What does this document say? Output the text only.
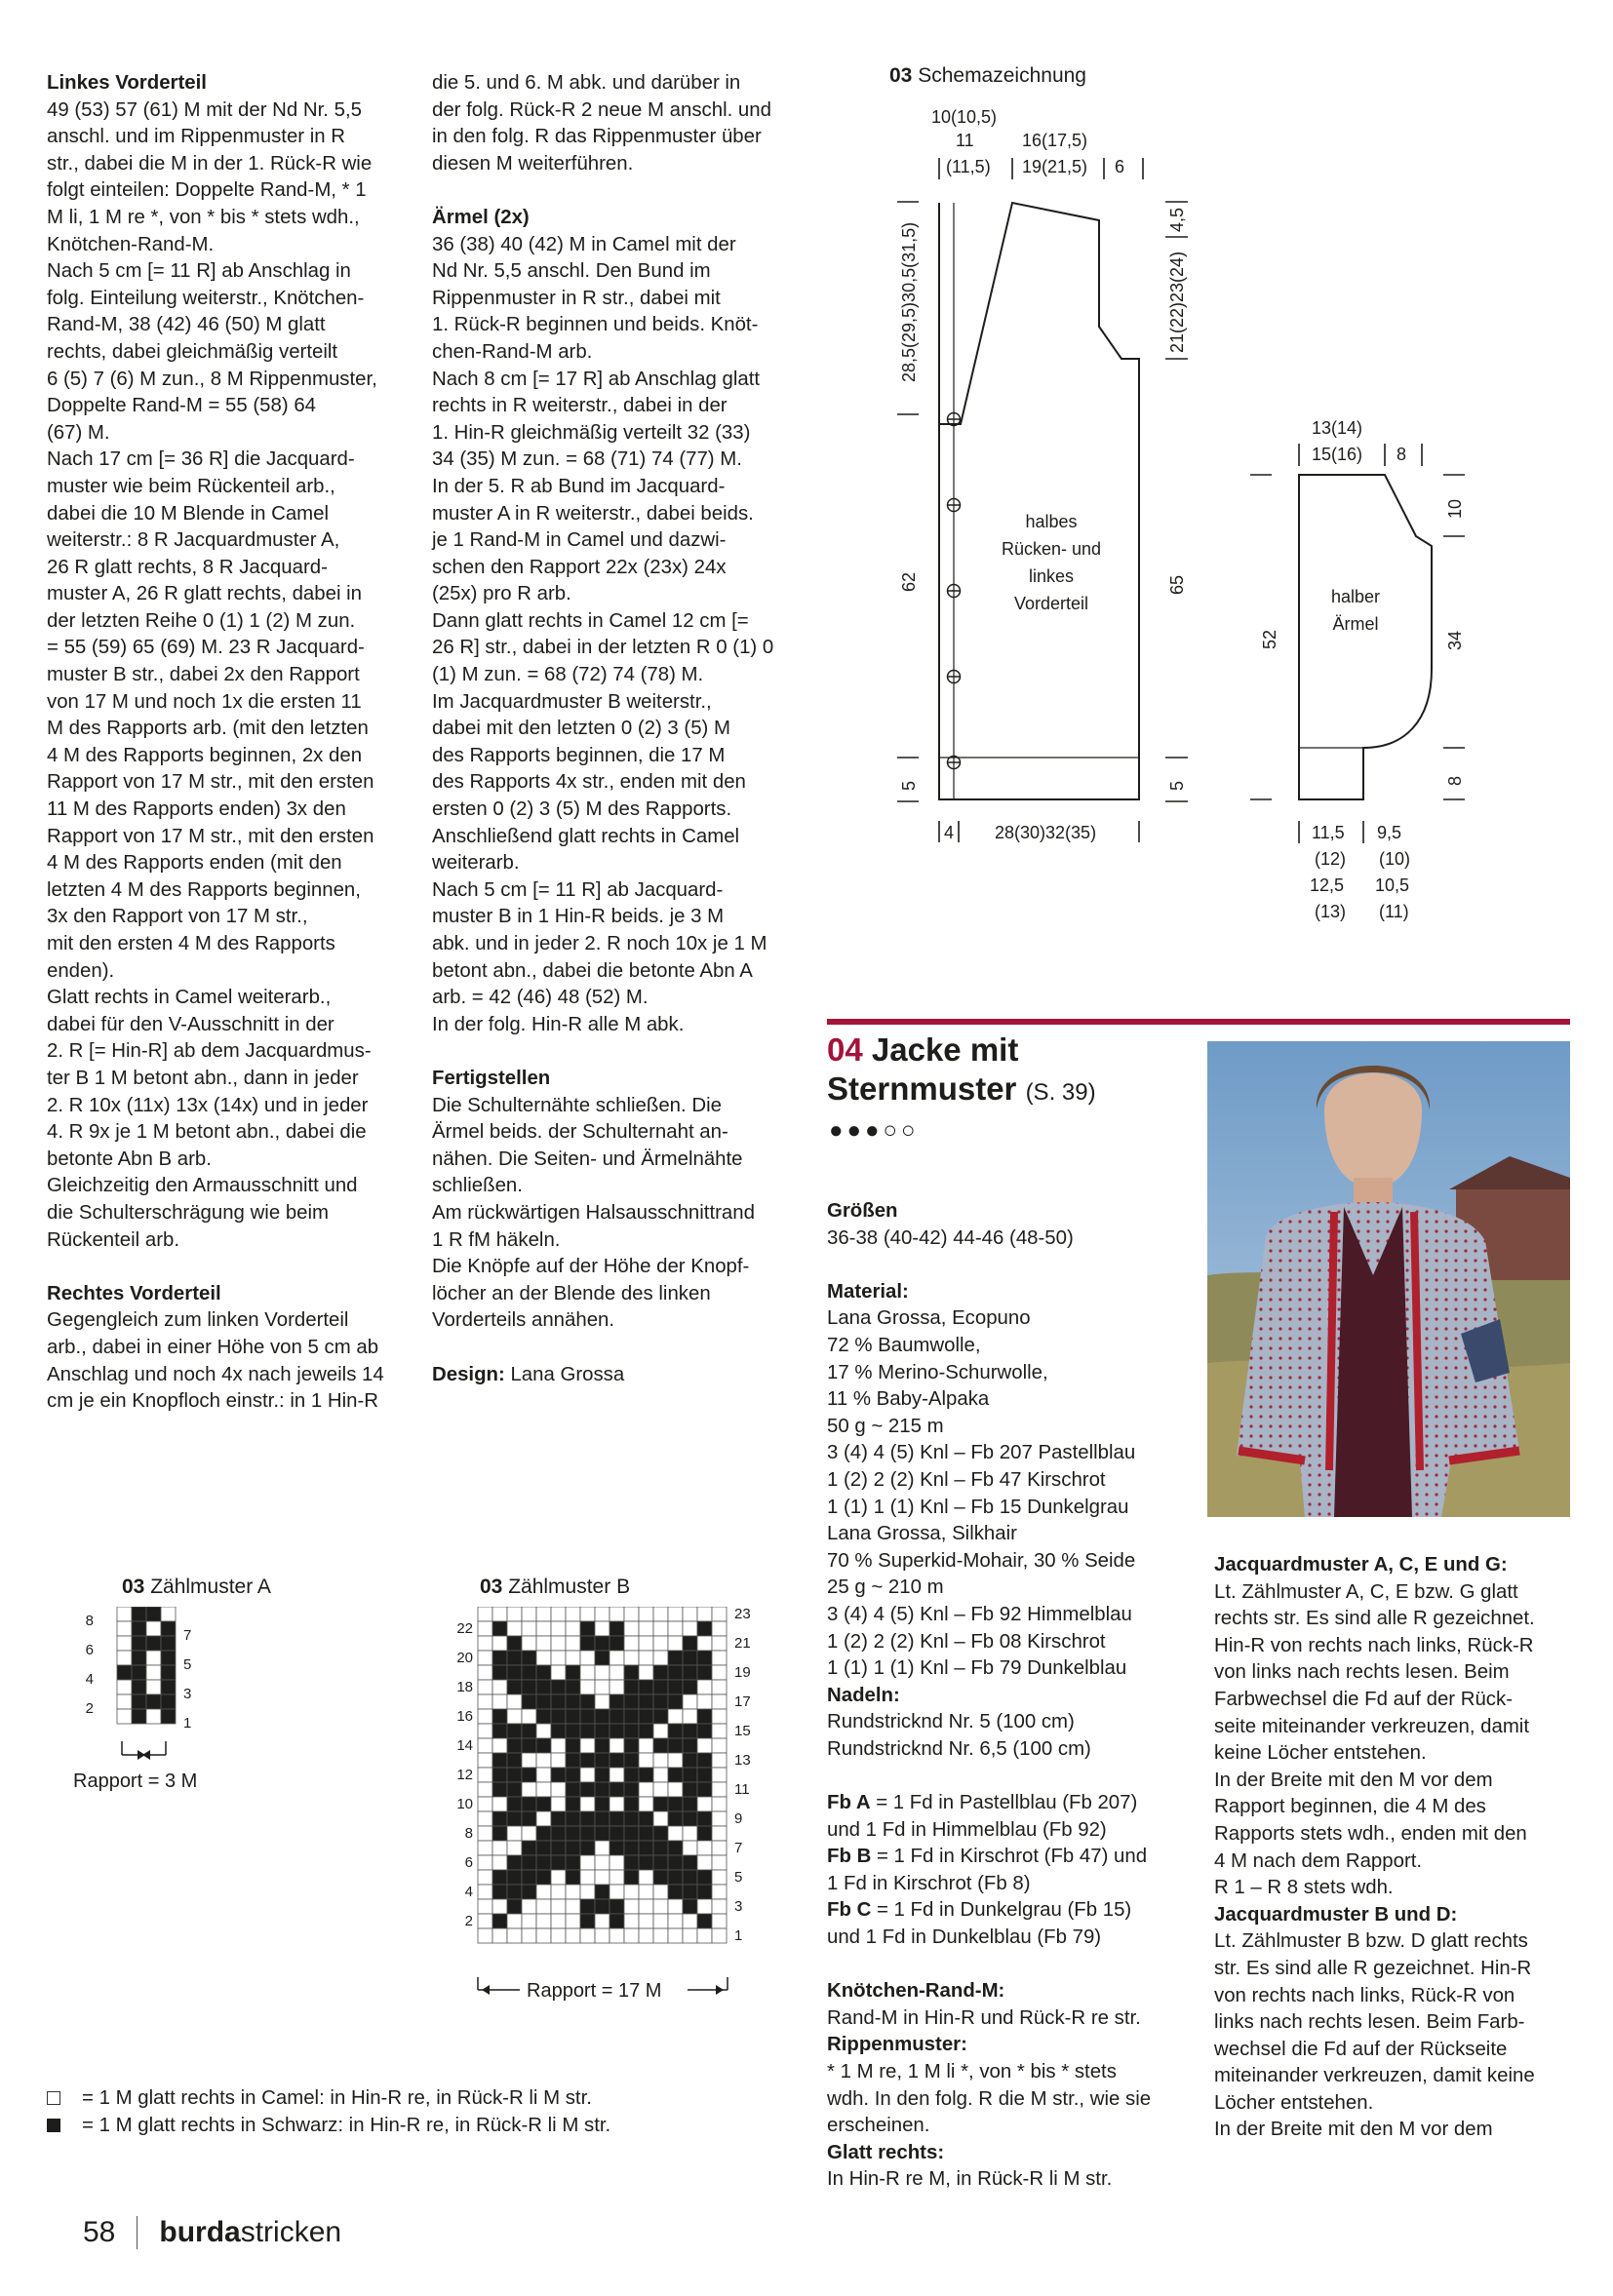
Linkes Vorderteil
49 (53) 57 (61) M mit der Nd Nr. 5,5
anschl. und im Rippenmuster in R
str., dabei die M in der 1. Rück-R wie
folgt einteilen: Doppelte Rand-M, * 1
M li, 1 M re *, von * bis * stets wdh.,
Knötchen-Rand-M.
Nach 5 cm [= 11 R] ab Anschlag in
folg. Einteilung weiterstr., Knötchen-
Rand-M, 38 (42) 46 (50) M glatt
rechts, dabei gleichmäßig verteilt
6 (5) 7 (6) M zun., 8 M Rippenmuster,
Doppelte Rand-M = 55 (58) 64
(67) M.
Nach 17 cm [= 36 R] die Jacquard-
muster wie beim Rückenteil arb.,
dabei die 10 M Blende in Camel
weiterstr.: 8 R Jacquardmuster A,
26 R glatt rechts, 8 R Jacquard-
muster A, 26 R glatt rechts, dabei in
der letzten Reihe 0 (1) 1 (2) M zun.
= 55 (59) 65 (69) M. 23 R Jacquard-
muster B str., dabei 2x den Rapport
von 17 M und noch 1x die ersten 11
M des Rapports arb. (mit den letzten
4 M des Rapports beginnen, 2x den
Rapport von 17 M str., mit den ersten
11 M des Rapports enden) 3x den
Rapport von 17 M str., mit den ersten
4 M des Rapports enden (mit den
letzten 4 M des Rapports beginnen,
3x den Rapport von 17 M str.,
mit den ersten 4 M des Rapports
enden).
Glatt rechts in Camel weiterarb.,
dabei für den V-Ausschnitt in der
2. R [= Hin-R] ab dem Jacquardmus-
ter B 1 M betont abn., dann in jeder
2. R 10x (11x) 13x (14x) und in jeder
4. R 9x je 1 M betont abn., dabei die
betonte Abn B arb.
Gleichzeitig den Armausschnitt und
die Schulterschrägung wie beim
Rückenteil arb.
Rechtes Vorderteil
Gegengleich zum linken Vorderteil
arb., dabei in einer Höhe von 5 cm ab
Anschlag und noch 4x nach jeweils 14
cm je ein Knopfloch einstr.: in 1 Hin-R
die 5. und 6. M abk. und darüber in
der folg. Rück-R 2 neue M anschl. und
in den folg. R das Rippenmuster über
diesen M weiterführen.
Ärmel (2x)
36 (38) 40 (42) M in Camel mit der
Nd Nr. 5,5 anschl. Den Bund im
Rippenmuster in R str., dabei mit
1. Rück-R beginnen und beids. Knöt-
chen-Rand-M arb.
Nach 8 cm [= 17 R] ab Anschlag glatt
rechts in R weiterstr., dabei in der
1. Hin-R gleichmäßig verteilt 32 (33)
34 (35) M zun. = 68 (71) 74 (77) M.
In der 5. R ab Bund im Jacquard-
muster A in R weiterstr., dabei beids.
je 1 Rand-M in Camel und dazwi-
schen den Rapport 22x (23x) 24x
(25x) pro R arb.
Dann glatt rechts in Camel 12 cm [=
26 R] str., dabei in der letzten R 0 (1) 0
(1) M zun. = 68 (72) 74 (78) M.
Im Jacquardmuster B weiterstr.,
dabei mit den letzten 0 (2) 3 (5) M
des Rapports beginnen, die 17 M
des Rapports 4x str., enden mit den
ersten 0 (2) 3 (5) M des Rapports.
Anschließend glatt rechts in Camel
weiterarb.
Nach 5 cm [= 11 R] ab Jacquard-
muster B in 1 Hin-R beids. je 3 M
abk. und in jeder 2. R noch 10x je 1 M
betont abn., dabei die betonte Abn A
arb. = 42 (46) 48 (52) M.
In der folg. Hin-R alle M abk.
Fertigstellen
Die Schulternähte schließen. Die
Ärmel beids. der Schulternaht an-
nähen. Die Seiten- und Ärmelnähte
schließen.
Am rückwärtigen Halsausschnittrand
1 R fM häkeln.
Die Knöpfe auf der Höhe der Knopf-
löcher an der Blende des linken
Vorderteils annähen.
Design: Lana Grossa
03 Schemazeichnung
10(10,5)
11
(11,5)
16(17,5)
19(21,5) 6
28,5(29,5)30,5(31,5)
62
5
4,5
21(22)23(24)
65
5
halbes
Rücken- und
linkes
Vorderteil
4 28(30)32(35)
13(14)
15(16) 8
52
10
34
8
halber
Ärmel
11,5
(12)
12,5
(13)
9,5
(10)
10,5
(11)
04 Jacke mit
Sternmuster (S. 39)
●●●○○
Größen
36-38 (40-42) 44-46 (48-50)
Material:
Lana Grossa, Ecopuno
72 % Baumwolle,
17 % Merino-Schurwolle,
11 % Baby-Alpaka
50 g ~ 215 m
3 (4) 4 (5) Knl – Fb 207 Pastellblau
1 (2) 2 (2) Knl – Fb 47 Kirschrot
1 (1) 1 (1) Knl – Fb 15 Dunkelgrau
Lana Grossa, Silkhair
70 % Superkid-Mohair, 30 % Seide
25 g ~ 210 m
3 (4) 4 (5) Knl – Fb 92 Himmelblau
1 (2) 2 (2) Knl – Fb 08 Kirschrot
1 (1) 1 (1) Knl – Fb 79 Dunkelblau
Nadeln:
Rundstricknd Nr. 5 (100 cm)
Rundstricknd Nr. 6,5 (100 cm)
Fb A = 1 Fd in Pastellblau (Fb 207)
und 1 Fd in Himmelblau (Fb 92)
Fb B = 1 Fd in Kirschrot (Fb 47) und
1 Fd in Kirschrot (Fb 8)
Fb C = 1 Fd in Dunkelgrau (Fb 15)
und 1 Fd in Dunkelblau (Fb 79)
Knötchen-Rand-M:
Rand-M in Hin-R und Rück-R re str.
Rippenmuster:
* 1 M re, 1 M li *, von * bis * stets
wdh. In den folg. R die M str., wie sie
erscheinen.
Glatt rechts:
In Hin-R re M, in Rück-R li M str.
Jacquardmuster A, C, E und G:
Lt. Zählmuster A, C, E bzw. G glatt
rechts str. Es sind alle R gezeichnet.
Hin-R von rechts nach links, Rück-R
von links nach rechts lesen. Beim
Farbwechsel die Fd auf der Rück-
seite miteinander verkreuzen, damit
keine Löcher entstehen.
In der Breite mit den M vor dem
Rapport beginnen, die 4 M des
Rapports stets wdh., enden mit den
4 M nach dem Rapport.
R 1 – R 8 stets wdh.
Jacquardmuster B und D:
Lt. Zählmuster B bzw. D glatt rechts
str. Es sind alle R gezeichnet. Hin-R
von rechts nach links, Rück-R von
links nach rechts lesen. Beim Farb-
wechsel die Fd auf der Rückseite
miteinander verkreuzen, damit keine
Löcher entstehen.
In der Breite mit den M vor dem
03 Zählmuster A
8
6
4
2
7
5
3
1
Rapport = 3 M
03 Zählmuster B
23
21
19
17
15
13
11
9
7
5
3
1
22
20
18
16
14
12
10
8
6
4
2
Rapport = 17 M
= 1 M glatt rechts in Camel: in Hin-R re, in Rück-R li M str.
= 1 M glatt rechts in Schwarz: in Hin-R re, in Rück-R li M str.
58 burdastricken
